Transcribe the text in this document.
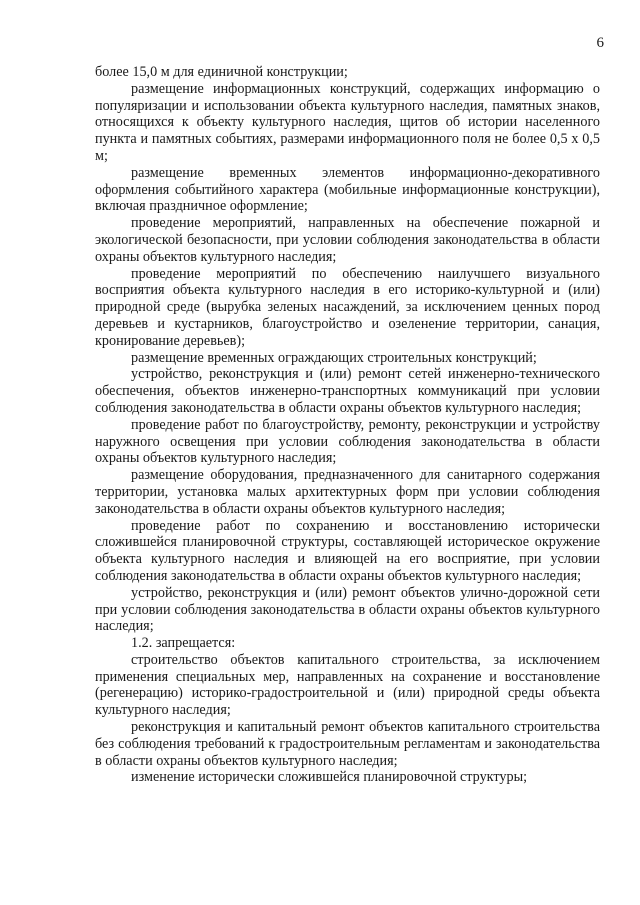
6

более 15,0 м для единичной конструкции;

размещение информационных конструкций, содержащих информацию о популяризации и использовании объекта культурного наследия, памятных знаков, относящихся к объекту культурного наследия, щитов об истории населенного пункта и памятных событиях, размерами информационного поля не более 0,5 х 0,5 м;

размещение временных элементов информационно-декоративного оформления событийного характера (мобильные информационные конструкции), включая праздничное оформление;

проведение мероприятий, направленных на обеспечение пожарной и экологической безопасности, при условии соблюдения законодательства в области охраны объектов культурного наследия;

проведение мероприятий по обеспечению наилучшего визуального восприятия объекта культурного наследия в его историко-культурной и (или) природной среде (вырубка зеленых насаждений, за исключением ценных пород деревьев и кустарников, благоустройство и озеленение территории, санация, кронирование деревьев);

размещение временных ограждающих строительных конструкций;

устройство, реконструкция и (или) ремонт сетей инженерно-технического обеспечения, объектов инженерно-транспортных коммуникаций при условии соблюдения законодательства в области охраны объектов культурного наследия;

проведение работ по благоустройству, ремонту, реконструкции и устройству наружного освещения при условии соблюдения законодательства в области охраны объектов культурного наследия;

размещение оборудования, предназначенного для санитарного содержания территории, установка малых архитектурных форм при условии соблюдения законодательства в области охраны объектов культурного наследия;

проведение работ по сохранению и восстановлению исторически сложившейся планировочной структуры, составляющей историческое окружение объекта культурного наследия и влияющей на его восприятие, при условии соблюдения законодательства в области охраны объектов культурного наследия;

устройство, реконструкция и (или) ремонт объектов улично-дорожной сети при условии соблюдения законодательства в области охраны объектов культурного наследия;

1.2. запрещается:

строительство объектов капитального строительства, за исключением применения специальных мер, направленных на сохранение и восстановление (регенерацию) историко-градостроительной и (или) природной среды объекта культурного наследия;

реконструкция и капитальный ремонт объектов капитального строительства без соблюдения требований к градостроительным регламентам и законодательства в области охраны объектов культурного наследия;

изменение исторически сложившейся планировочной структуры;
